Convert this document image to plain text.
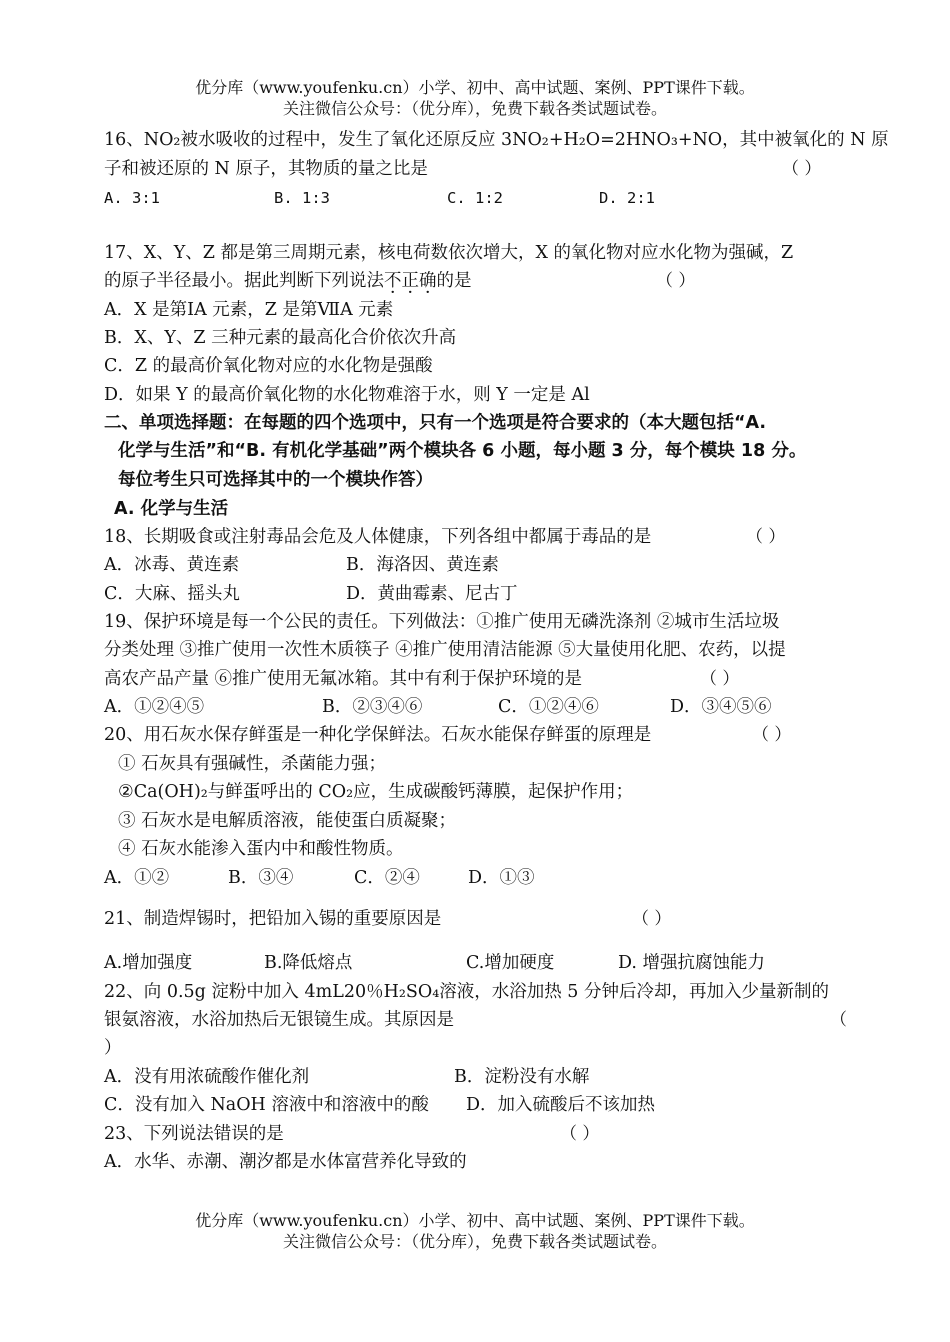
优分库（www.youfenku.cn）小学、初中、高中试题、案例、PPT课件下载。
关注微信公众号：（优分库），免费下载各类试题试卷。
16、NO₂被水吸收的过程中，发生了氧化还原反应 3NO₂+H₂O=2HNO₃+NO，其中被氧化的 N 原
子和被还原的 N 原子，其物质的量之比是	（ ）
A. 3:1	B. 1:3	C. 1:2	D. 2:1
17、X、Y、Z 都是第三周期元素，核电荷数依次增大，X 的氧化物对应水化物为强碱，Z
的原子半径最小。据此判断下列说法不正确的是	（ ）
A．X 是第ⅠA 元素，Z 是第ⅦA 元素
B．X、Y、Z 三种元素的最高化合价依次升高
C．Z 的最高价氧化物对应的水化物是强酸
D．如果 Y 的最高价氧化物的水化物难溶于水，则 Y 一定是 Al
二、单项选择题：在每题的四个选项中，只有一个选项是符合要求的（本大题包括“A.
化学与生活”和“B. 有机化学基础”两个模块各 6 小题，每小题 3 分，每个模块 18 分。
每位考生只可选择其中的一个模块作答）
A. 化学与生活
18、长期吸食或注射毒品会危及人体健康，下列各组中都属于毒品的是	（ ）
A．冰毒、黄连素	B．海洛因、黄连素
C．大麻、摇头丸	D．黄曲霉素、尼古丁
19、保护环境是每一个公民的责任。下列做法：①推广使用无磷洗涤剂 ②城市生活垃圾
分类处理 ③推广使用一次性木质筷子 ④推广使用清洁能源 ⑤大量使用化肥、农药，以提
高农产品产量 ⑥推广使用无氟冰箱。其中有利于保护环境的是	（ ）
A．①②④⑤	B．②③④⑥	C．①②④⑥	D．③④⑤⑥
20、用石灰水保存鲜蛋是一种化学保鲜法。石灰水能保存鲜蛋的原理是	（ ）
① 石灰具有强碱性，杀菌能力强；
②Ca(OH)₂与鲜蛋呼出的 CO₂应，生成碳酸钙薄膜，起保护作用；
③ 石灰水是电解质溶液，能使蛋白质凝聚；
④ 石灰水能渗入蛋内中和酸性物质。
A．①②	B．③④	C．②④	D．①③
21、制造焊锡时，把铅加入锡的重要原因是	（ ）
A.增加强度	B.降低熔点	C.增加硬度	D. 增强抗腐蚀能力
22、向 0.5g 淀粉中加入 4mL20％H₂SO₄溶液，水浴加热 5 分钟后冷却，再加入少量新制的
银氨溶液，水浴加热后无银镜生成。其原因是	（
）
A．没有用浓硫酸作催化剂	B．淀粉没有水解
C．没有加入 NaOH 溶液中和溶液中的酸 D．加入硫酸后不该加热
23、下列说法错误的是	（ ）
A．水华、赤潮、潮汐都是水体富营养化导致的
优分库（www.youfenku.cn）小学、初中、高中试题、案例、PPT课件下载。
关注微信公众号：（优分库），免费下载各类试题试卷。
